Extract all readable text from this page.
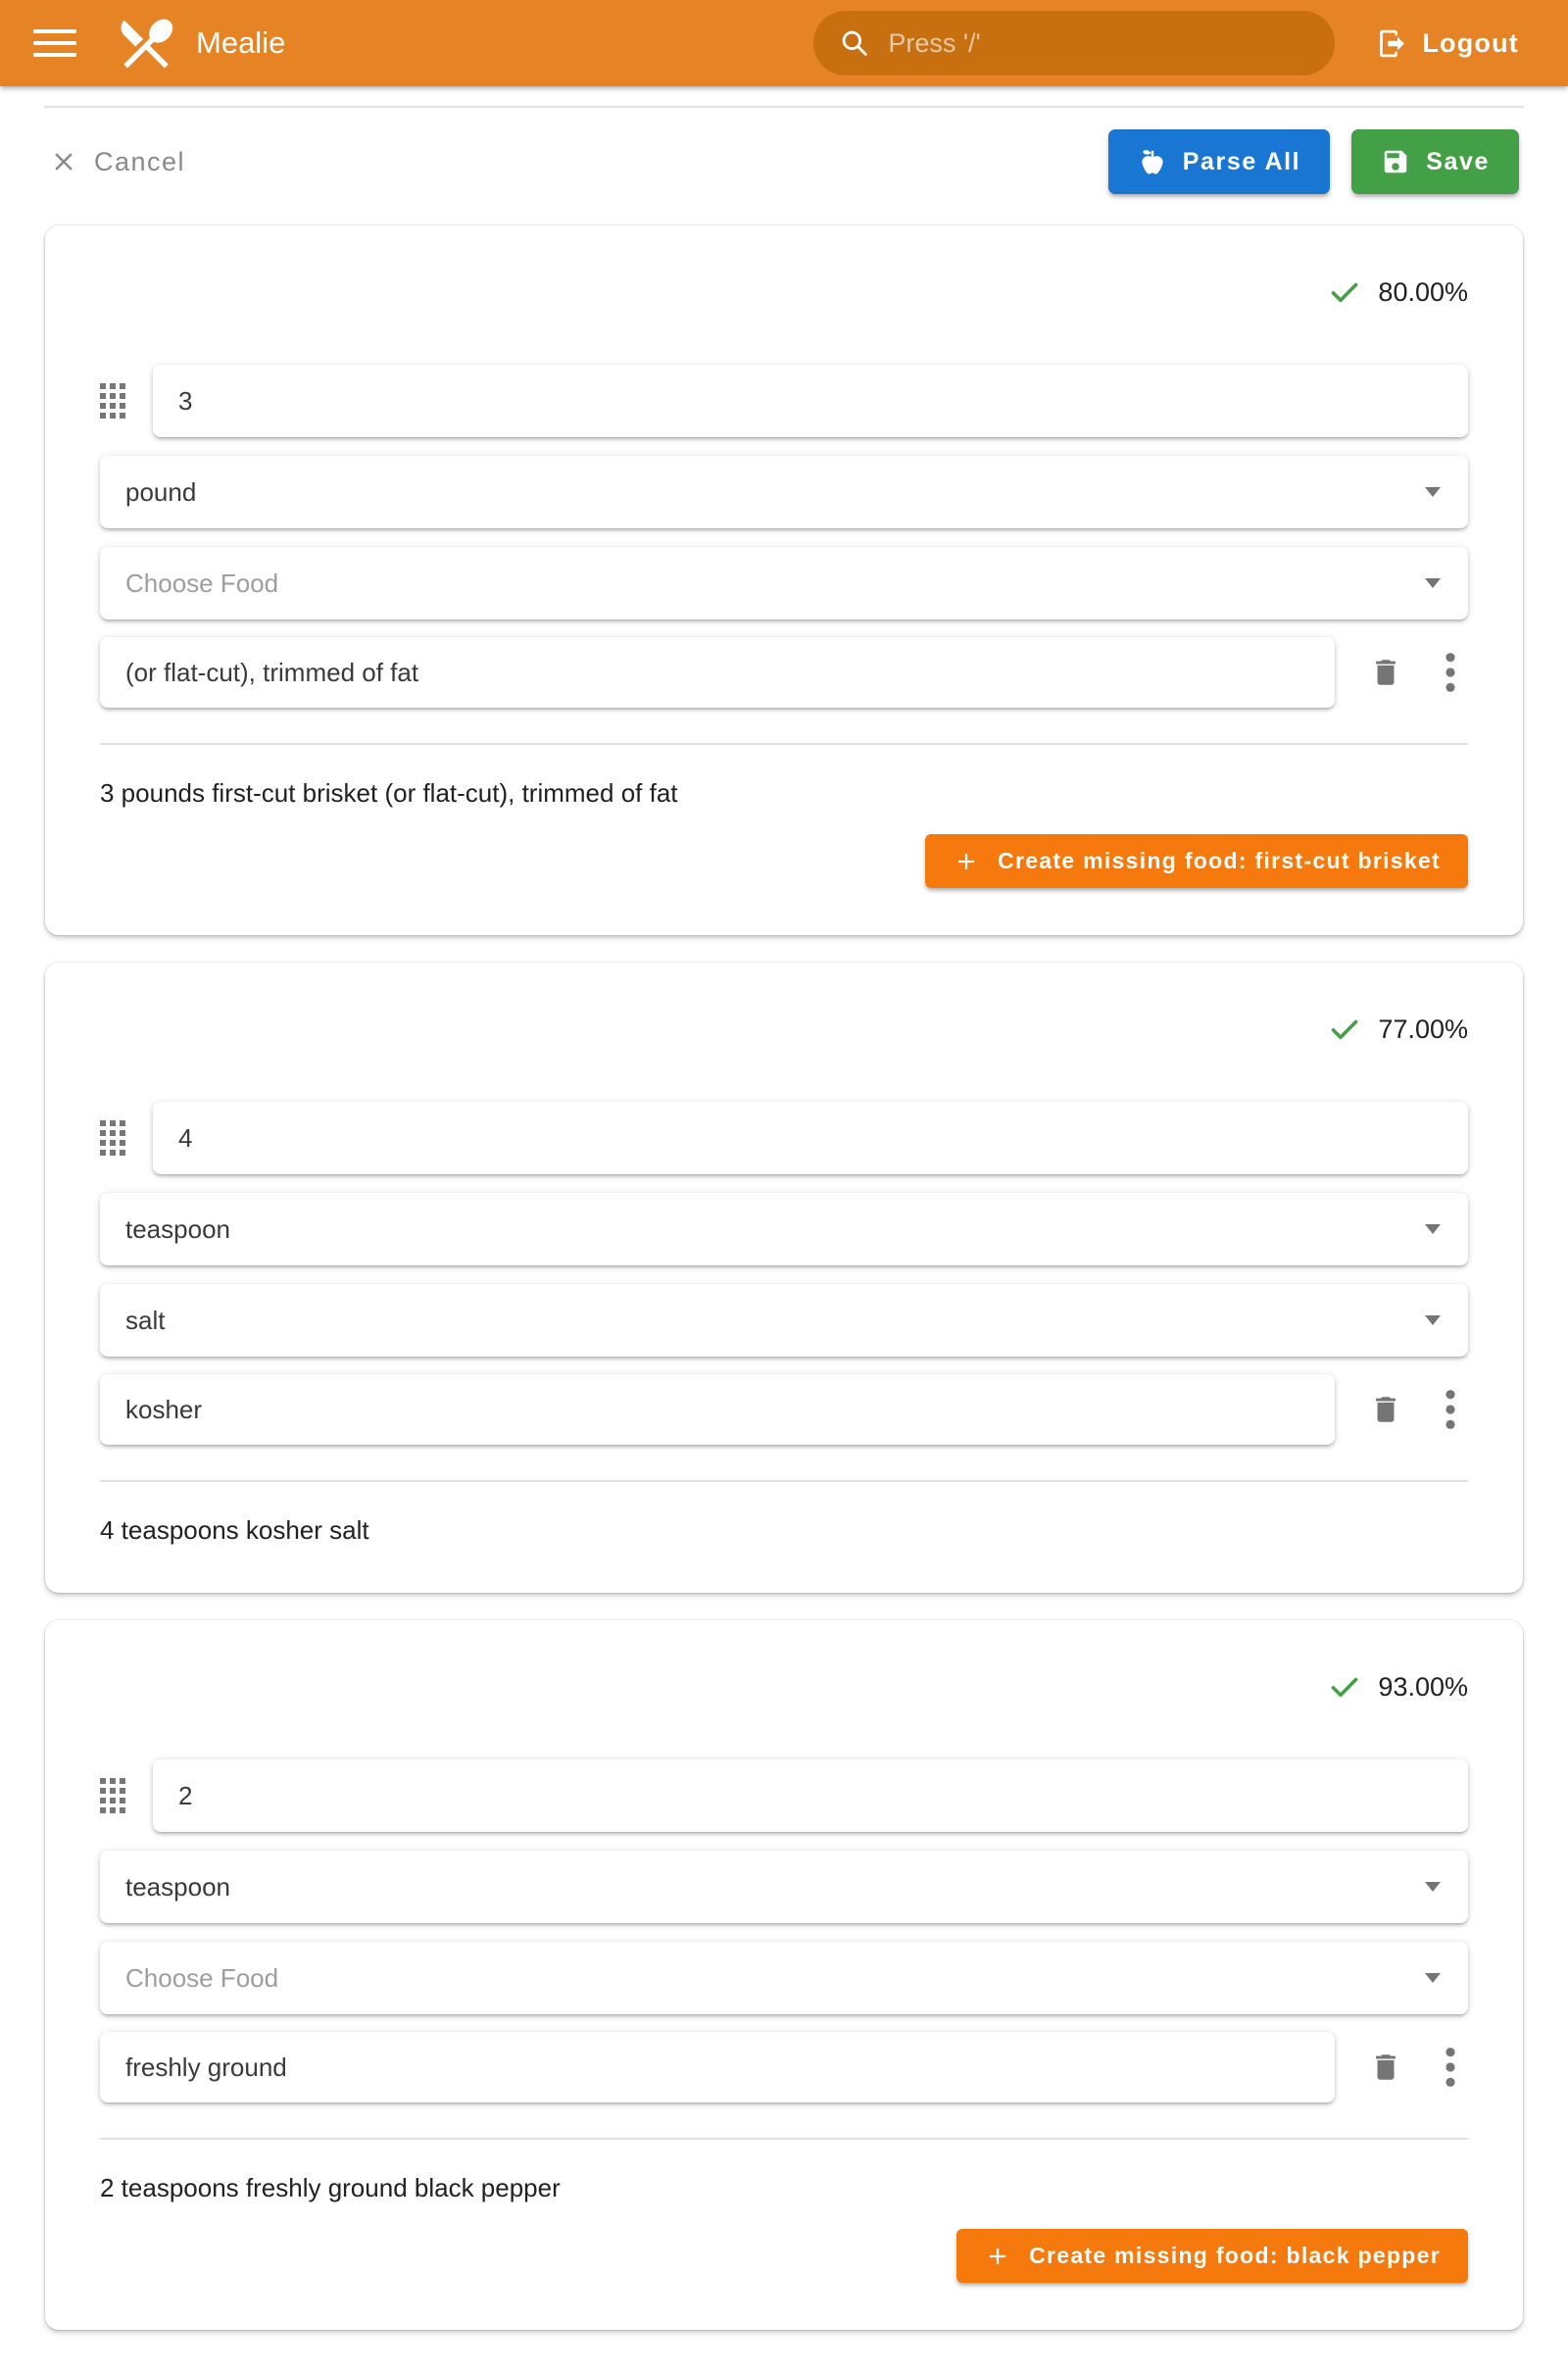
Mealie	Press '/'	Logout
Cancel	Parse All	Save
80.00%
3
pound
Choose Food
(or flat-cut), trimmed of fat
3 pounds first-cut brisket (or flat-cut), trimmed of fat
Create missing food: first-cut brisket
77.00%
4
teaspoon
salt
kosher
4 teaspoons kosher salt
93.00%
2
teaspoon
Choose Food
freshly ground
2 teaspoons freshly ground black pepper
Create missing food: black pepper
